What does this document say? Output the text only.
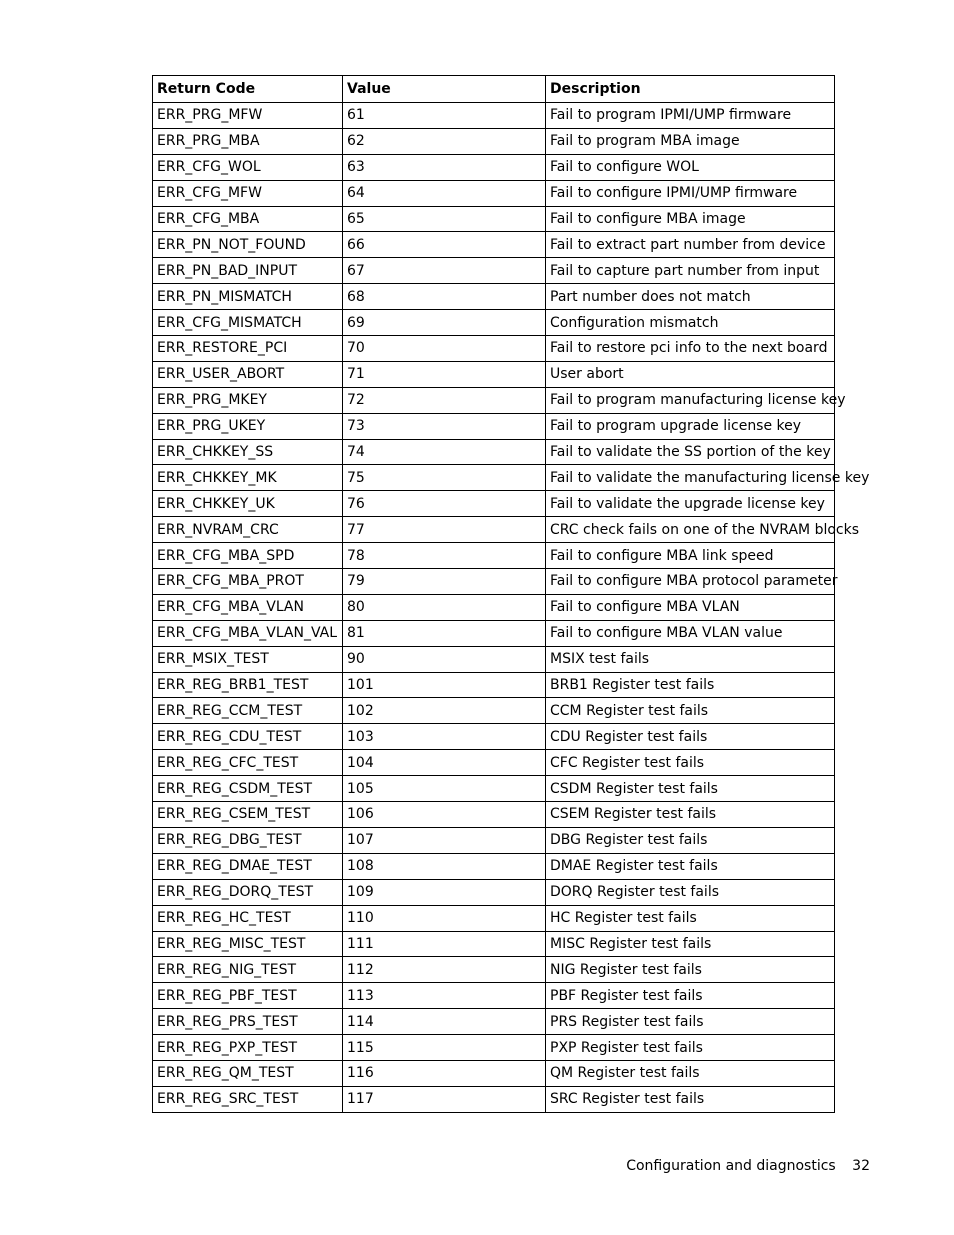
Return Code	Value	Description
ERR_PRG_MFW	61	Fail to program IPMI/UMP firmware
ERR_PRG_MBA	62	Fail to program MBA image
ERR_CFG_WOL	63	Fail to configure WOL
ERR_CFG_MFW	64	Fail to configure IPMI/UMP firmware
ERR_CFG_MBA	65	Fail to configure MBA image
ERR_PN_NOT_FOUND	66	Fail to extract part number from device
ERR_PN_BAD_INPUT	67	Fail to capture part number from input
ERR_PN_MISMATCH	68	Part number does not match
ERR_CFG_MISMATCH	69	Configuration mismatch
ERR_RESTORE_PCI	70	Fail to restore pci info to the next board
ERR_USER_ABORT	71	User abort
ERR_PRG_MKEY	72	Fail to program manufacturing license key
ERR_PRG_UKEY	73	Fail to program upgrade license key
ERR_CHKKEY_SS	74	Fail to validate the SS portion of the key
ERR_CHKKEY_MK	75	Fail to validate the manufacturing license key
ERR_CHKKEY_UK	76	Fail to validate the upgrade license key
ERR_NVRAM_CRC	77	CRC check fails on one of the NVRAM blocks
ERR_CFG_MBA_SPD	78	Fail to configure MBA link speed
ERR_CFG_MBA_PROT	79	Fail to configure MBA protocol parameter
ERR_CFG_MBA_VLAN	80	Fail to configure MBA VLAN
ERR_CFG_MBA_VLAN_VAL	81	Fail to configure MBA VLAN value
ERR_MSIX_TEST	90	MSIX test fails
ERR_REG_BRB1_TEST	101	BRB1 Register test fails
ERR_REG_CCM_TEST	102	CCM Register test fails
ERR_REG_CDU_TEST	103	CDU Register test fails
ERR_REG_CFC_TEST	104	CFC Register test fails
ERR_REG_CSDM_TEST	105	CSDM Register test fails
ERR_REG_CSEM_TEST	106	CSEM Register test fails
ERR_REG_DBG_TEST	107	DBG Register test fails
ERR_REG_DMAE_TEST	108	DMAE Register test fails
ERR_REG_DORQ_TEST	109	DORQ Register test fails
ERR_REG_HC_TEST	110	HC Register test fails
ERR_REG_MISC_TEST	111	MISC Register test fails
ERR_REG_NIG_TEST	112	NIG Register test fails
ERR_REG_PBF_TEST	113	PBF Register test fails
ERR_REG_PRS_TEST	114	PRS Register test fails
ERR_REG_PXP_TEST	115	PXP Register test fails
ERR_REG_QM_TEST	116	QM Register test fails
ERR_REG_SRC_TEST	117	SRC Register test fails
Configuration and diagnostics 32
